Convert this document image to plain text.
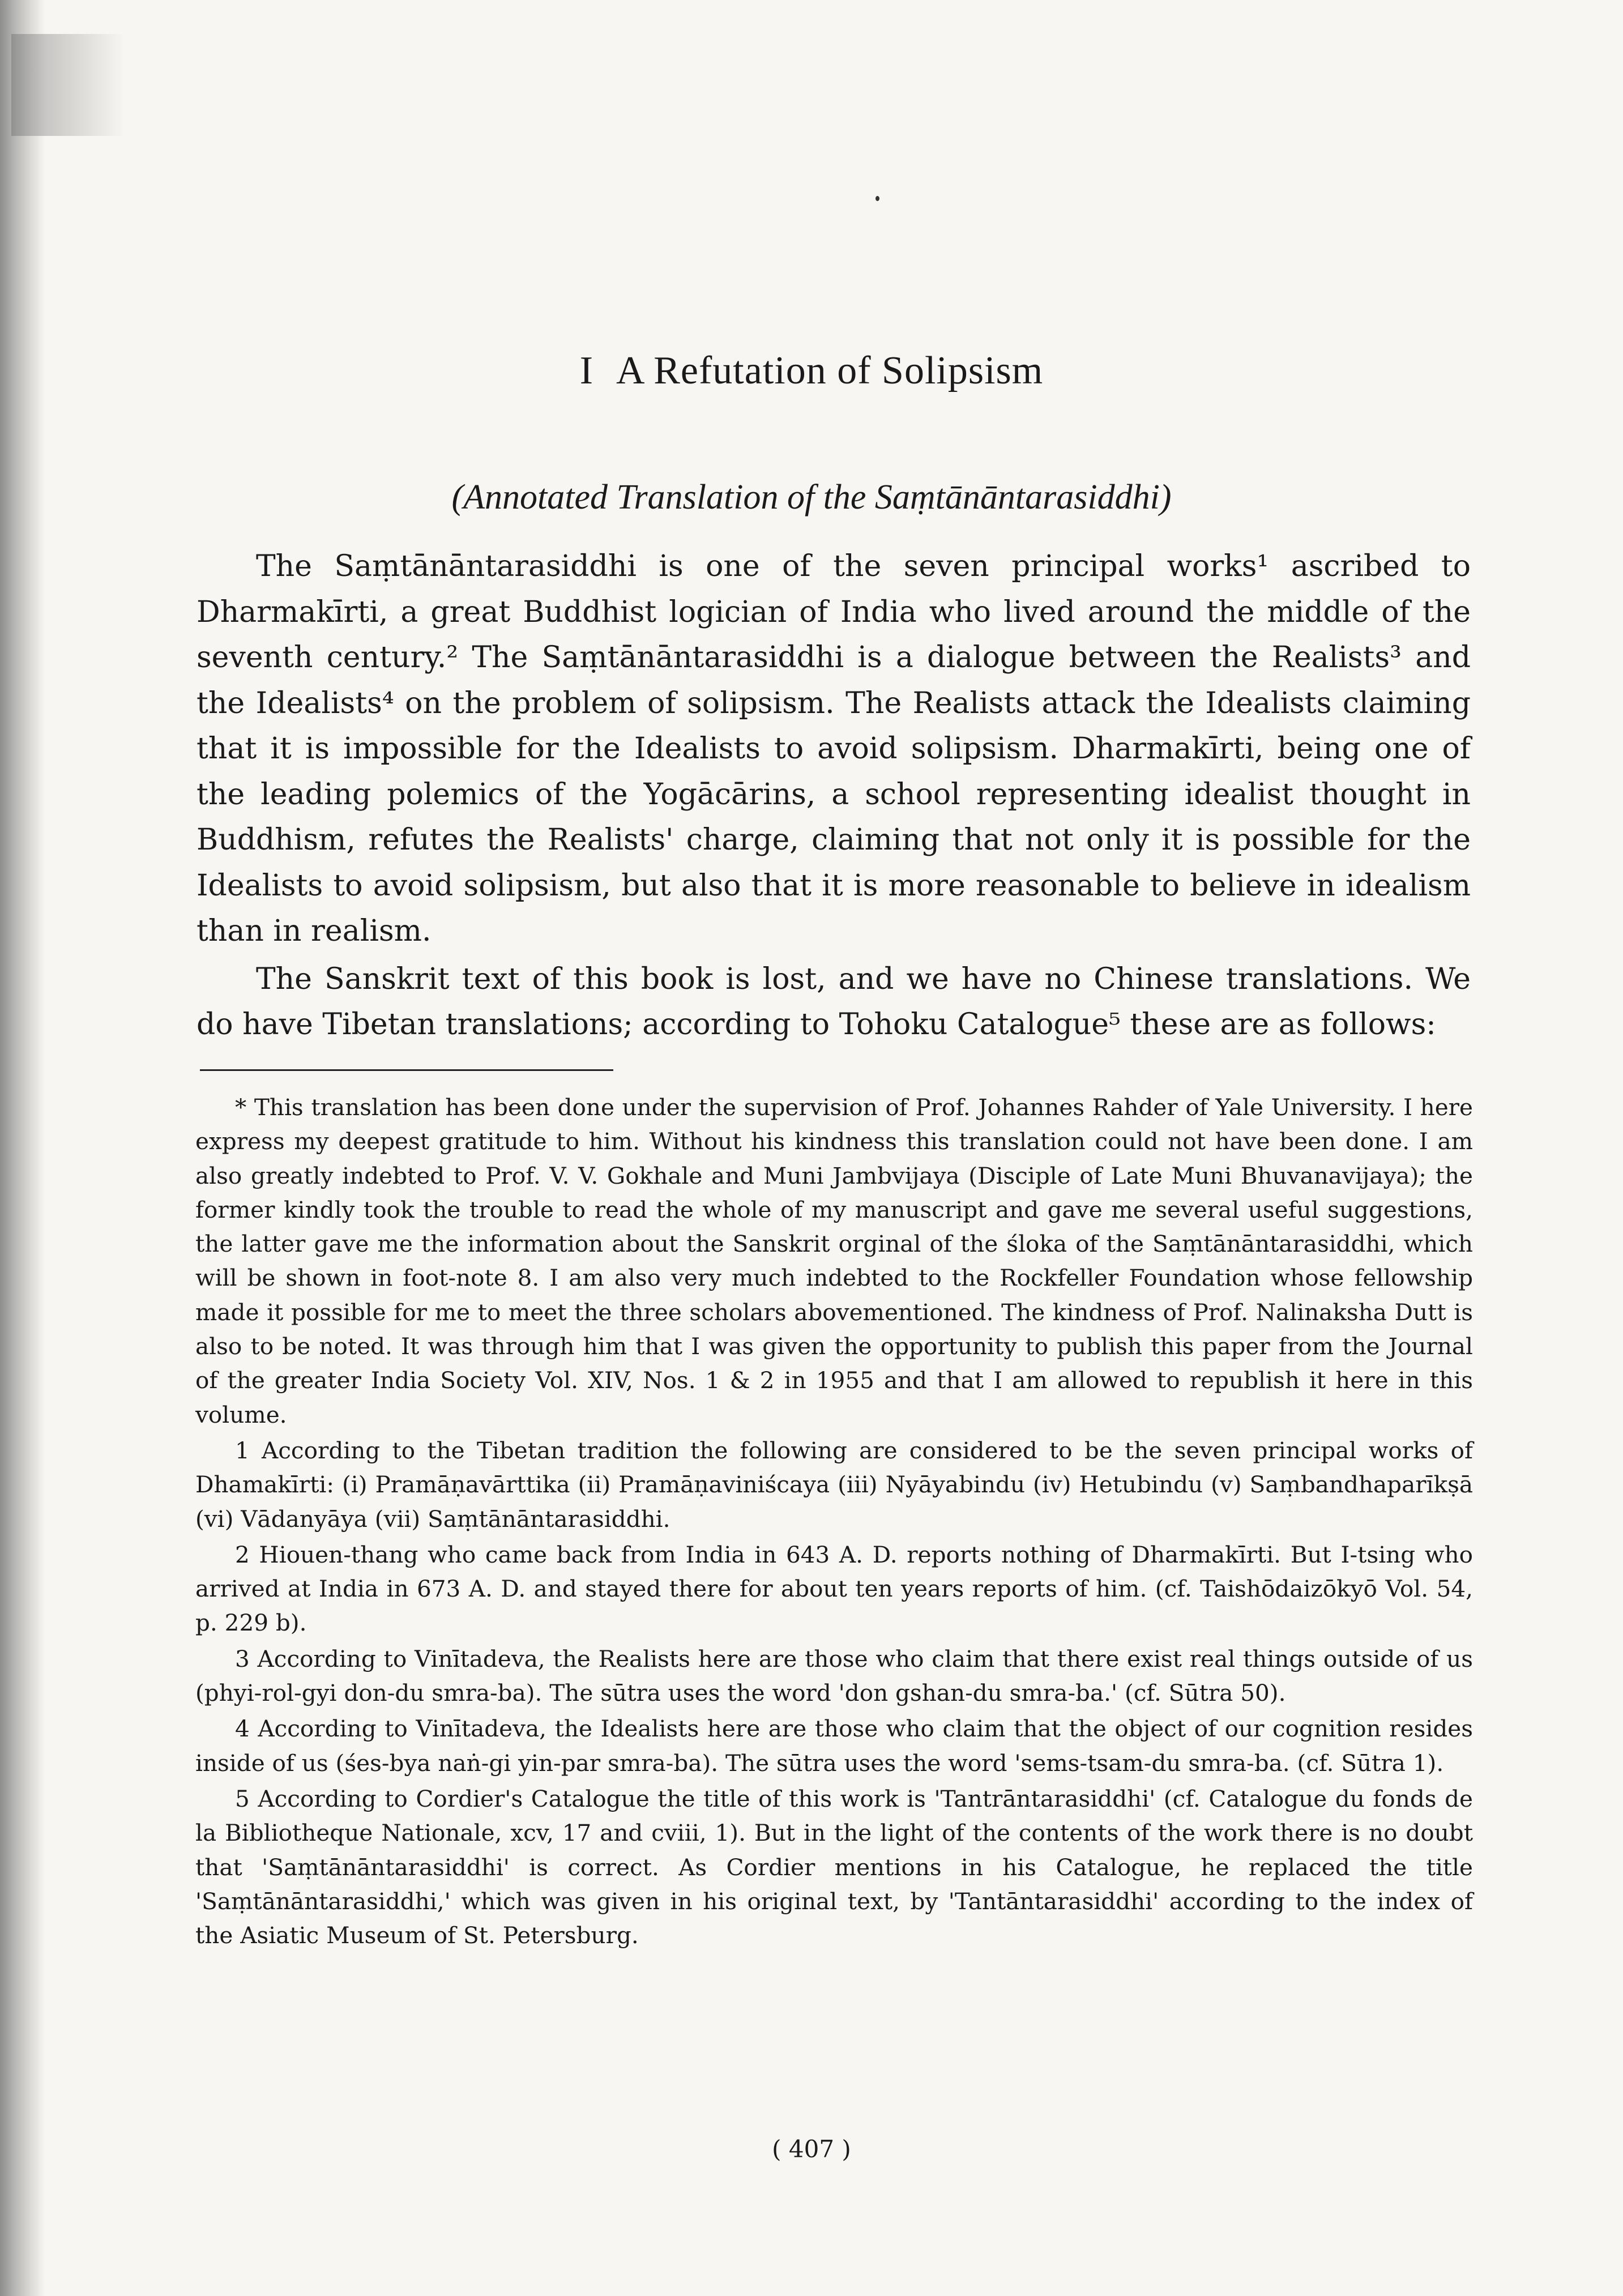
I A Refutation of Solipsism
(Annotated Translation of the Saṃtānāntarasiddhi)

The Saṃtānāntarasiddhi is one of the seven principal works¹ ascribed to Dharmakīrti, a great Buddhist logician of India who lived around the middle of the seventh century.² The Saṃtānāntarasiddhi is a dialogue between the Realists³ and the Idealists⁴ on the problem of solipsism. The Realists attack the Idealists claiming that it is impossible for the Idealists to avoid solipsism. Dharmakīrti, being one of the leading polemics of the Yogācārins, a school representing idealist thought in Buddhism, refutes the Realists' charge, claiming that not only it is possible for the Idealists to avoid solipsism, but also that it is more reasonable to believe in idealism than in realism.

The Sanskrit text of this book is lost, and we have no Chinese translations. We do have Tibetan translations; according to Tohoku Catalogue⁵ these are as follows:

* This translation has been done under the supervision of Prof. Johannes Rahder of Yale University. I here express my deepest gratitude to him. Without his kindness this translation could not have been done. I am also greatly indebted to Prof. V. V. Gokhale and Muni Jambvijaya (Disciple of Late Muni Bhuvanavijaya); the former kindly took the trouble to read the whole of my manuscript and gave me several useful suggestions, the latter gave me the information about the Sanskrit orginal of the śloka of the Saṃtānāntarasiddhi, which will be shown in foot-note 8. I am also very much indebted to the Rockfeller Foundation whose fellowship made it possible for me to meet the three scholars abovementioned. The kindness of Prof. Nalinaksha Dutt is also to be noted. It was through him that I was given the opportunity to publish this paper from the Journal of the greater India Society Vol. XIV, Nos. 1 & 2 in 1955 and that I am allowed to republish it here in this volume.

1 According to the Tibetan tradition the following are considered to be the seven principal works of Dhamakīrti: (i) Pramāṇavārttika (ii) Pramāṇaviniścaya (iii) Nyāyabindu (iv) Hetubindu (v) Saṃbandhaparīkṣā (vi) Vādanyāya (vii) Saṃtānāntarasiddhi.

2 Hiouen-thang who came back from India in 643 A. D. reports nothing of Dharmakīrti. But I-tsing who arrived at India in 673 A. D. and stayed there for about ten years reports of him. (cf. Taishōdaizōkyō Vol. 54, p. 229 b).

3 According to Vinītadeva, the Realists here are those who claim that there exist real things outside of us (phyi-rol-gyi don-du smra-ba). The sūtra uses the word 'don gshan-du smra-ba.' (cf. Sūtra 50).

4 According to Vinītadeva, the Idealists here are those who claim that the object of our cognition resides inside of us (śes-bya naṅ-gi yin-par smra-ba). The sūtra uses the word 'sems-tsam-du smra-ba. (cf. Sūtra 1).

5 According to Cordier's Catalogue the title of this work is 'Tantrāntarasiddhi' (cf. Catalogue du fonds de la Bibliotheque Nationale, xcv, 17 and cviii, 1). But in the light of the contents of the work there is no doubt that 'Saṃtānāntarasiddhi' is correct. As Cordier mentions in his Catalogue, he replaced the title 'Saṃtānāntarasiddhi,' which was given in his original text, by 'Tantāntarasiddhi' according to the index of the Asiatic Museum of St. Petersburg.

( 407 )
